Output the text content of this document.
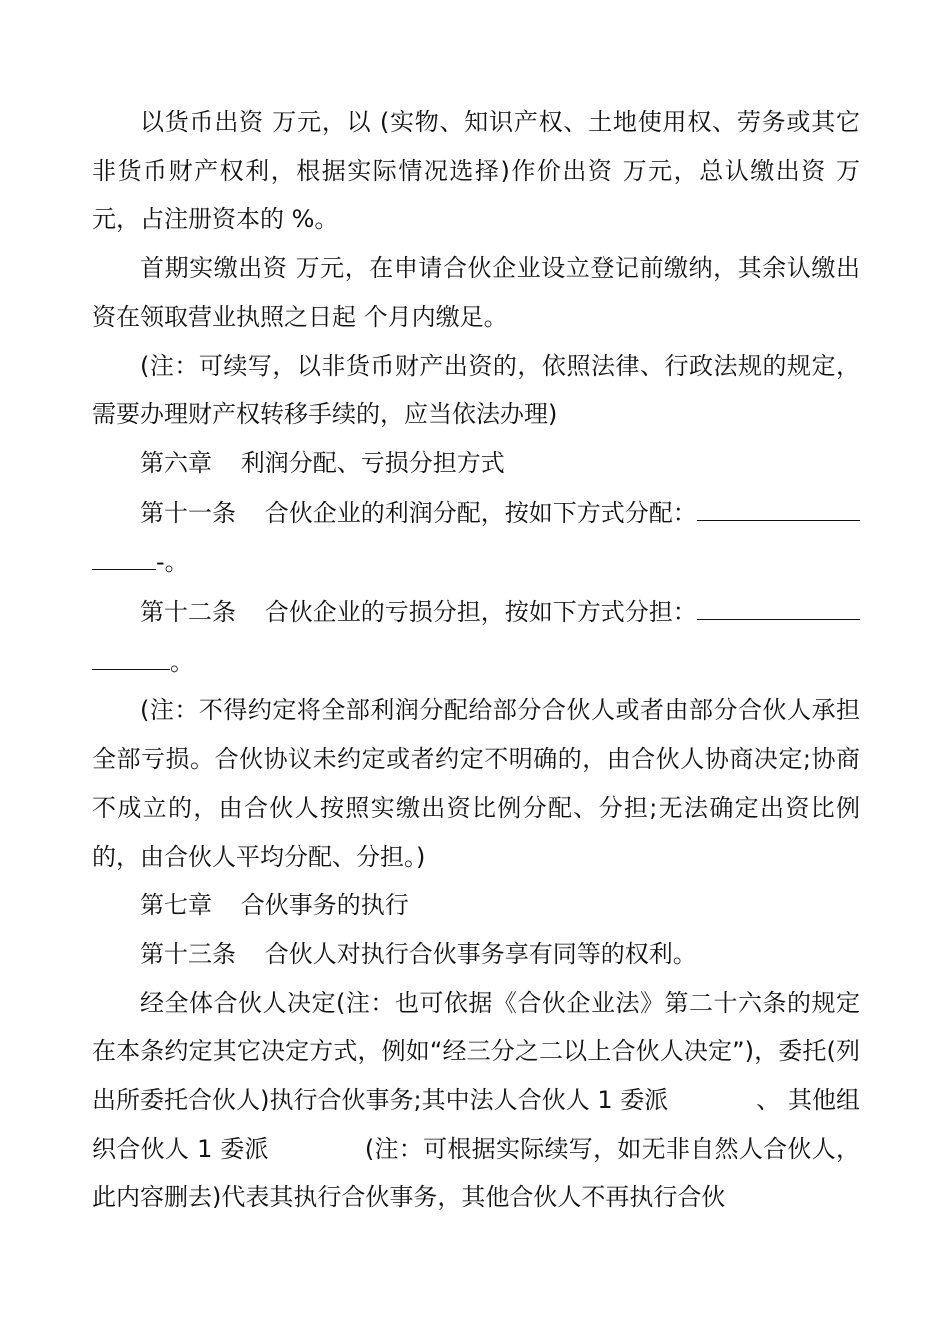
以货币出资 万元，以 (实物、知识产权、土地使用权、劳务或其它非货币财产权利，根据实际情况选择)作价出资 万元，总认缴出资 万元，占注册资本的 %。

首期实缴出资 万元，在申请合伙企业设立登记前缴纳，其余认缴出资在领取营业执照之日起 个月内缴足。

(注：可续写，以非货币财产出资的，依照法律、行政法规的规定，需要办理财产权转移手续的，应当依法办理)

第六章 利润分配、亏损分担方式

第十一条 合伙企业的利润分配，按如下方式分配：

-。

第十二条 合伙企业的亏损分担，按如下方式分担：

。

(注：不得约定将全部利润分配给部分合伙人或者由部分合伙人承担全部亏损。合伙协议未约定或者约定不明确的，由合伙人协商决定;协商不成立的，由合伙人按照实缴出资比例分配、分担;无法确定出资比例的，由合伙人平均分配、分担。)

第七章 合伙事务的执行

第十三条 合伙人对执行合伙事务享有同等的权利。

经全体合伙人决定(注：也可依据《合伙企业法》第二十六条的规定在本条约定其它决定方式，例如“经三分之二以上合伙人决定”)，委托(列出所委托合伙人)执行合伙事务;其中法人合伙人 1 委派	、 其他组织合伙人 1 委派	(注：可根据实际续写，如无非自然人合伙人，此内容删去)代表其执行合伙事务，其他合伙人不再执行合伙
